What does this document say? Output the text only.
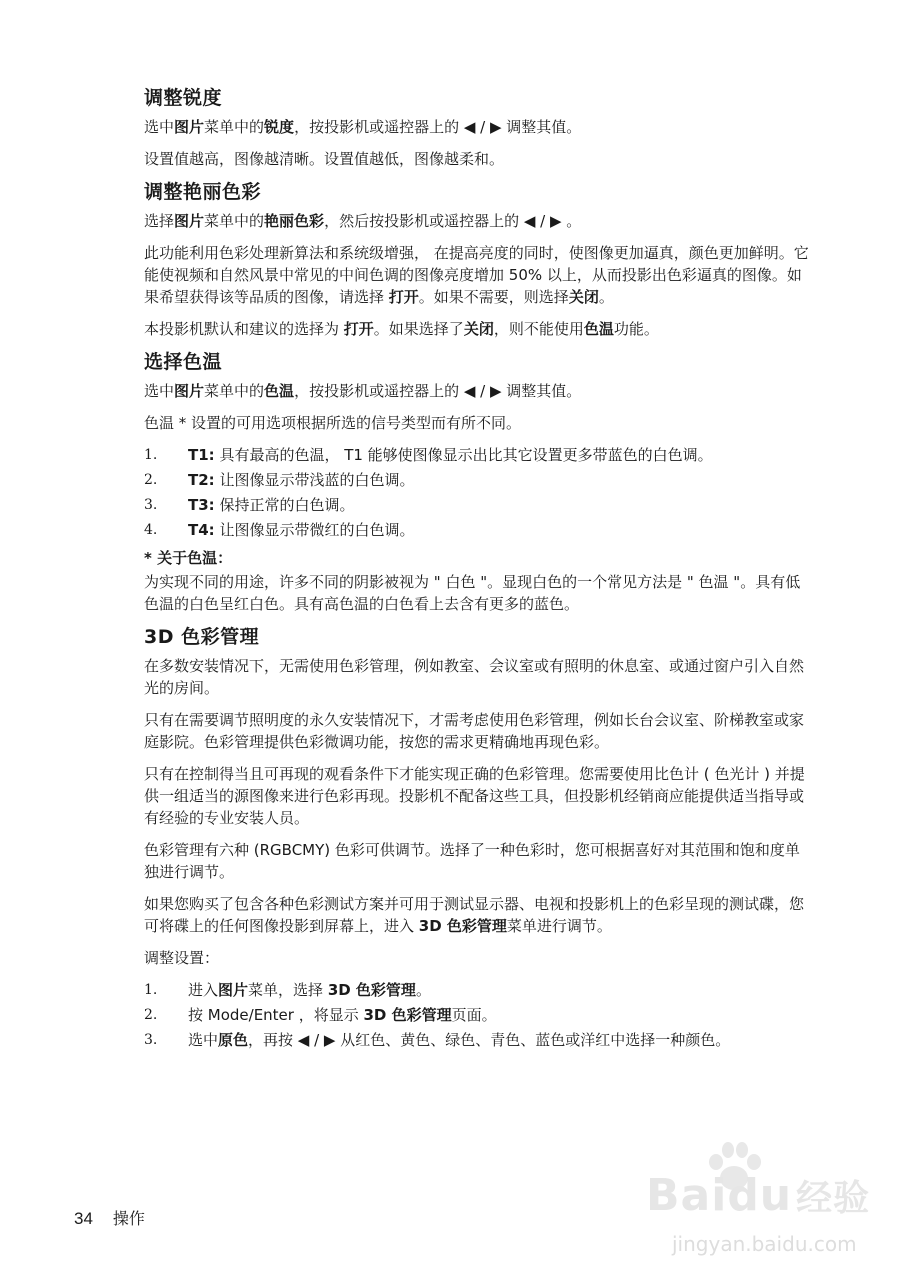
调整锐度

选中图片菜单中的锐度，按投影机或遥控器上的 ◀ / ▶ 调整其值。

设置值越高，图像越清晰。设置值越低，图像越柔和。

调整艳丽色彩

选择图片菜单中的艳丽色彩，然后按投影机或遥控器上的 ◀ / ▶ 。

此功能利用色彩处理新算法和系统级增强， 在提高亮度的同时，使图像更加逼真，颜色更加鲜明。它能使视频和自然风景中常见的中间色调的图像亮度增加 50% 以上，从而投影出色彩逼真的图像。如果希望获得该等品质的图像，请选择 打开。如果不需要，则选择关闭。

本投影机默认和建议的选择为 打开。如果选择了关闭，则不能使用色温功能。

选择色温

选中图片菜单中的色温，按投影机或遥控器上的 ◀ / ▶ 调整其值。

色温 * 设置的可用选项根据所选的信号类型而有所不同。

1. T1: 具有最高的色温， T1 能够使图像显示出比其它设置更多带蓝色的白色调。
2. T2: 让图像显示带浅蓝的白色调。
3. T3: 保持正常的白色调。
4. T4: 让图像显示带微红的白色调。
* 关于色温：

为实现不同的用途，许多不同的阴影被视为 " 白色 "。显现白色的一个常见方法是 " 色温 "。具有低色温的白色呈红白色。具有高色温的白色看上去含有更多的蓝色。

3D 色彩管理

在多数安装情况下，无需使用色彩管理，例如教室、会议室或有照明的休息室、或通过窗户引入自然光的房间。

只有在需要调节照明度的永久安装情况下，才需考虑使用色彩管理，例如长台会议室、阶梯教室或家庭影院。色彩管理提供色彩微调功能，按您的需求更精确地再现色彩。

只有在控制得当且可再现的观看条件下才能实现正确的色彩管理。您需要使用比色计 ( 色光计 ) 并提供一组适当的源图像来进行色彩再现。投影机不配备这些工具，但投影机经销商应能提供适当指导或有经验的专业安装人员。

色彩管理有六种 (RGBCMY) 色彩可供调节。选择了一种色彩时，您可根据喜好对其范围和饱和度单独进行调节。

如果您购买了包含各种色彩测试方案并可用于测试显示器、电视和投影机上的色彩呈现的测试碟，您可将碟上的任何图像投影到屏幕上，进入 3D 色彩管理菜单进行调节。

调整设置：

1. 进入图片菜单，选择 3D 色彩管理。
2. 按 Mode/Enter ，将显示 3D 色彩管理页面。
3. 选中原色，再按 ◀ / ▶ 从红色、黄色、绿色、青色、蓝色或洋红中选择一种颜色。
34 操作	Baidu 经验
jingyan.baidu.com
